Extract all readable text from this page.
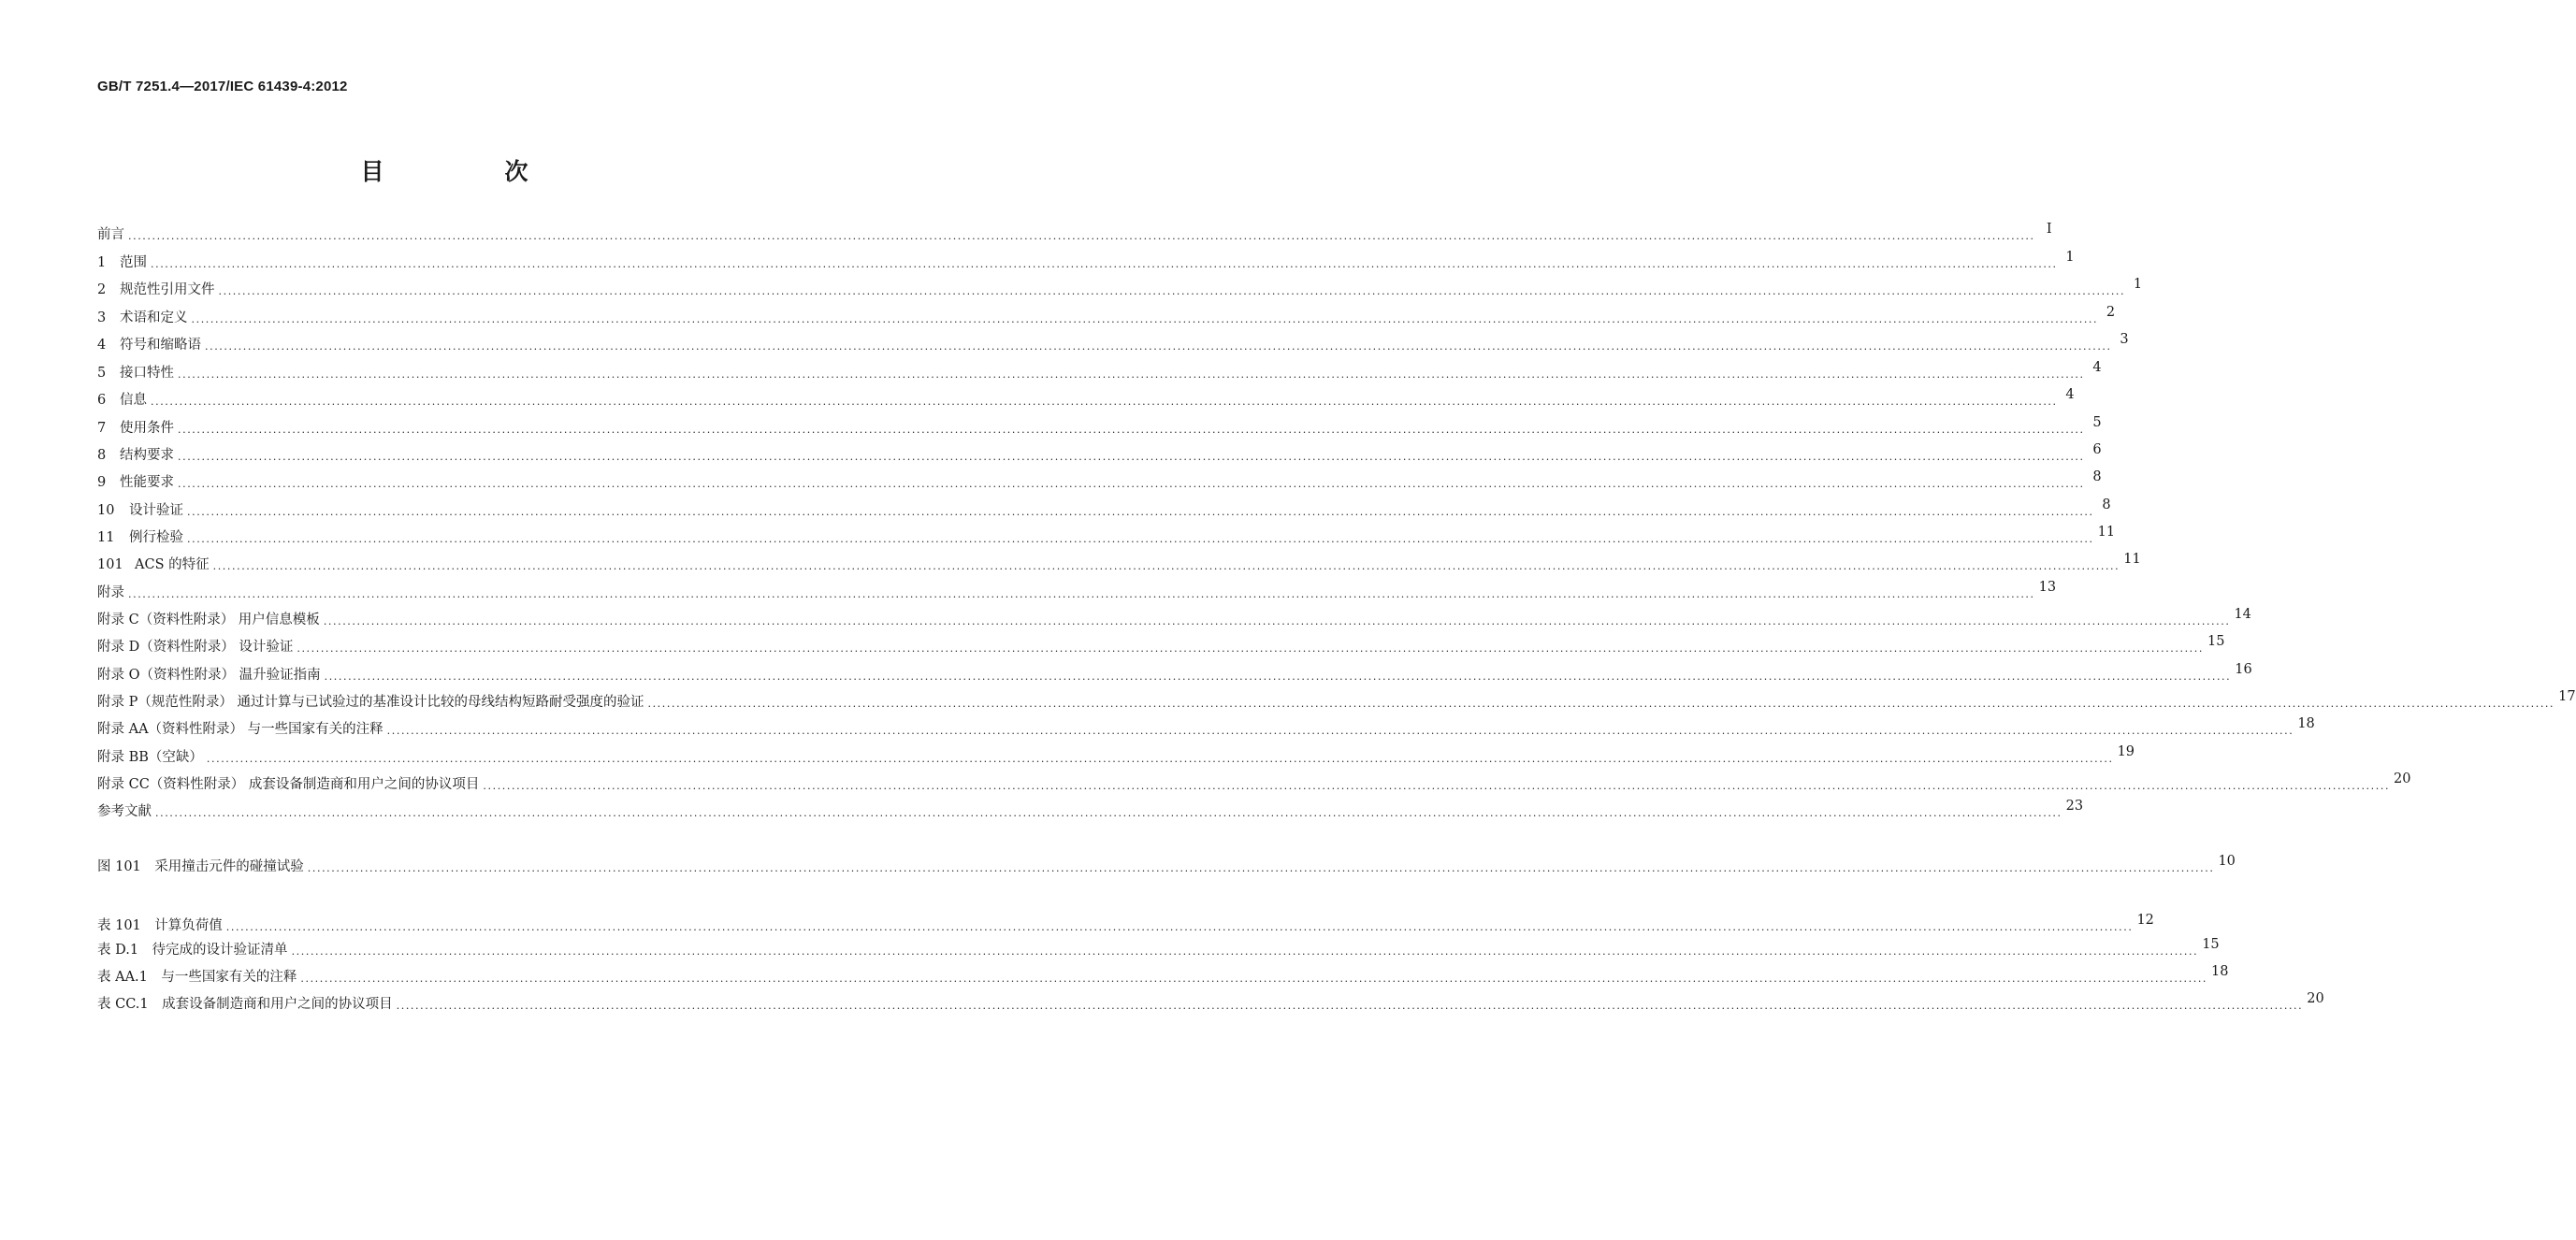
GB/T 7251.4—2017/IEC 61439-4:2012
目　次
前言 ................................................................................................................................................................................................................................................................................................................................................................................................................ Ⅰ
1 范围 ................................................................................................................................................................................................................................................................................................................................................................................................................ 1
2 规范性引用文件 ................................................................................................................................................................................................................................................................................................................................................................................................................ 1
3 术语和定义 ................................................................................................................................................................................................................................................................................................................................................................................................................ 2
4 符号和缩略语 ................................................................................................................................................................................................................................................................................................................................................................................................................ 3
5 接口特性 ................................................................................................................................................................................................................................................................................................................................................................................................................ 4
6 信息 ................................................................................................................................................................................................................................................................................................................................................................................................................ 4
7 使用条件 ................................................................................................................................................................................................................................................................................................................................................................................................................ 5
8 结构要求 ................................................................................................................................................................................................................................................................................................................................................................................................................ 6
9 性能要求 ................................................................................................................................................................................................................................................................................................................................................................................................................ 8
10 设计验证 ................................................................................................................................................................................................................................................................................................................................................................................................................ 8
11 例行检验 ................................................................................................................................................................................................................................................................................................................................................................................................................ 11
101 ACS 的特征 ................................................................................................................................................................................................................................................................................................................................................................................................................ 11
附录 ................................................................................................................................................................................................................................................................................................................................................................................................................ 13
附录 C（资料性附录） 用户信息模板 ................................................................................................................................................................................................................................................................................................................................................................................................................ 14
附录 D（资料性附录） 设计验证 ................................................................................................................................................................................................................................................................................................................................................................................................................ 15
附录 O（资料性附录） 温升验证指南 ................................................................................................................................................................................................................................................................................................................................................................................................................ 16
附录 P（规范性附录） 通过计算与已试验过的基准设计比较的母线结构短路耐受强度的验证 ................................................................................................................................................................................................................................................................................................................................................................................................................ 17
附录 AA（资料性附录） 与一些国家有关的注释 ................................................................................................................................................................................................................................................................................................................................................................................................................ 18
附录 BB（空缺） ................................................................................................................................................................................................................................................................................................................................................................................................................ 19
附录 CC（资料性附录） 成套设备制造商和用户之间的协议项目 ................................................................................................................................................................................................................................................................................................................................................................................................................ 20
参考文献 ................................................................................................................................................................................................................................................................................................................................................................................................................ 23
图 101　采用撞击元件的碰撞试验 ................................................................................................................................................................................................................................................................................................................................................................................................................ 10
表 101　计算负荷值 ................................................................................................................................................................................................................................................................................................................................................................................................................ 12
表 D.1　待完成的设计验证清单 ................................................................................................................................................................................................................................................................................................................................................................................................................ 15
表 AA.1　与一些国家有关的注释 ................................................................................................................................................................................................................................................................................................................................................................................................................ 18
表 CC.1　成套设备制造商和用户之间的协议项目 ................................................................................................................................................................................................................................................................................................................................................................................................................ 20
